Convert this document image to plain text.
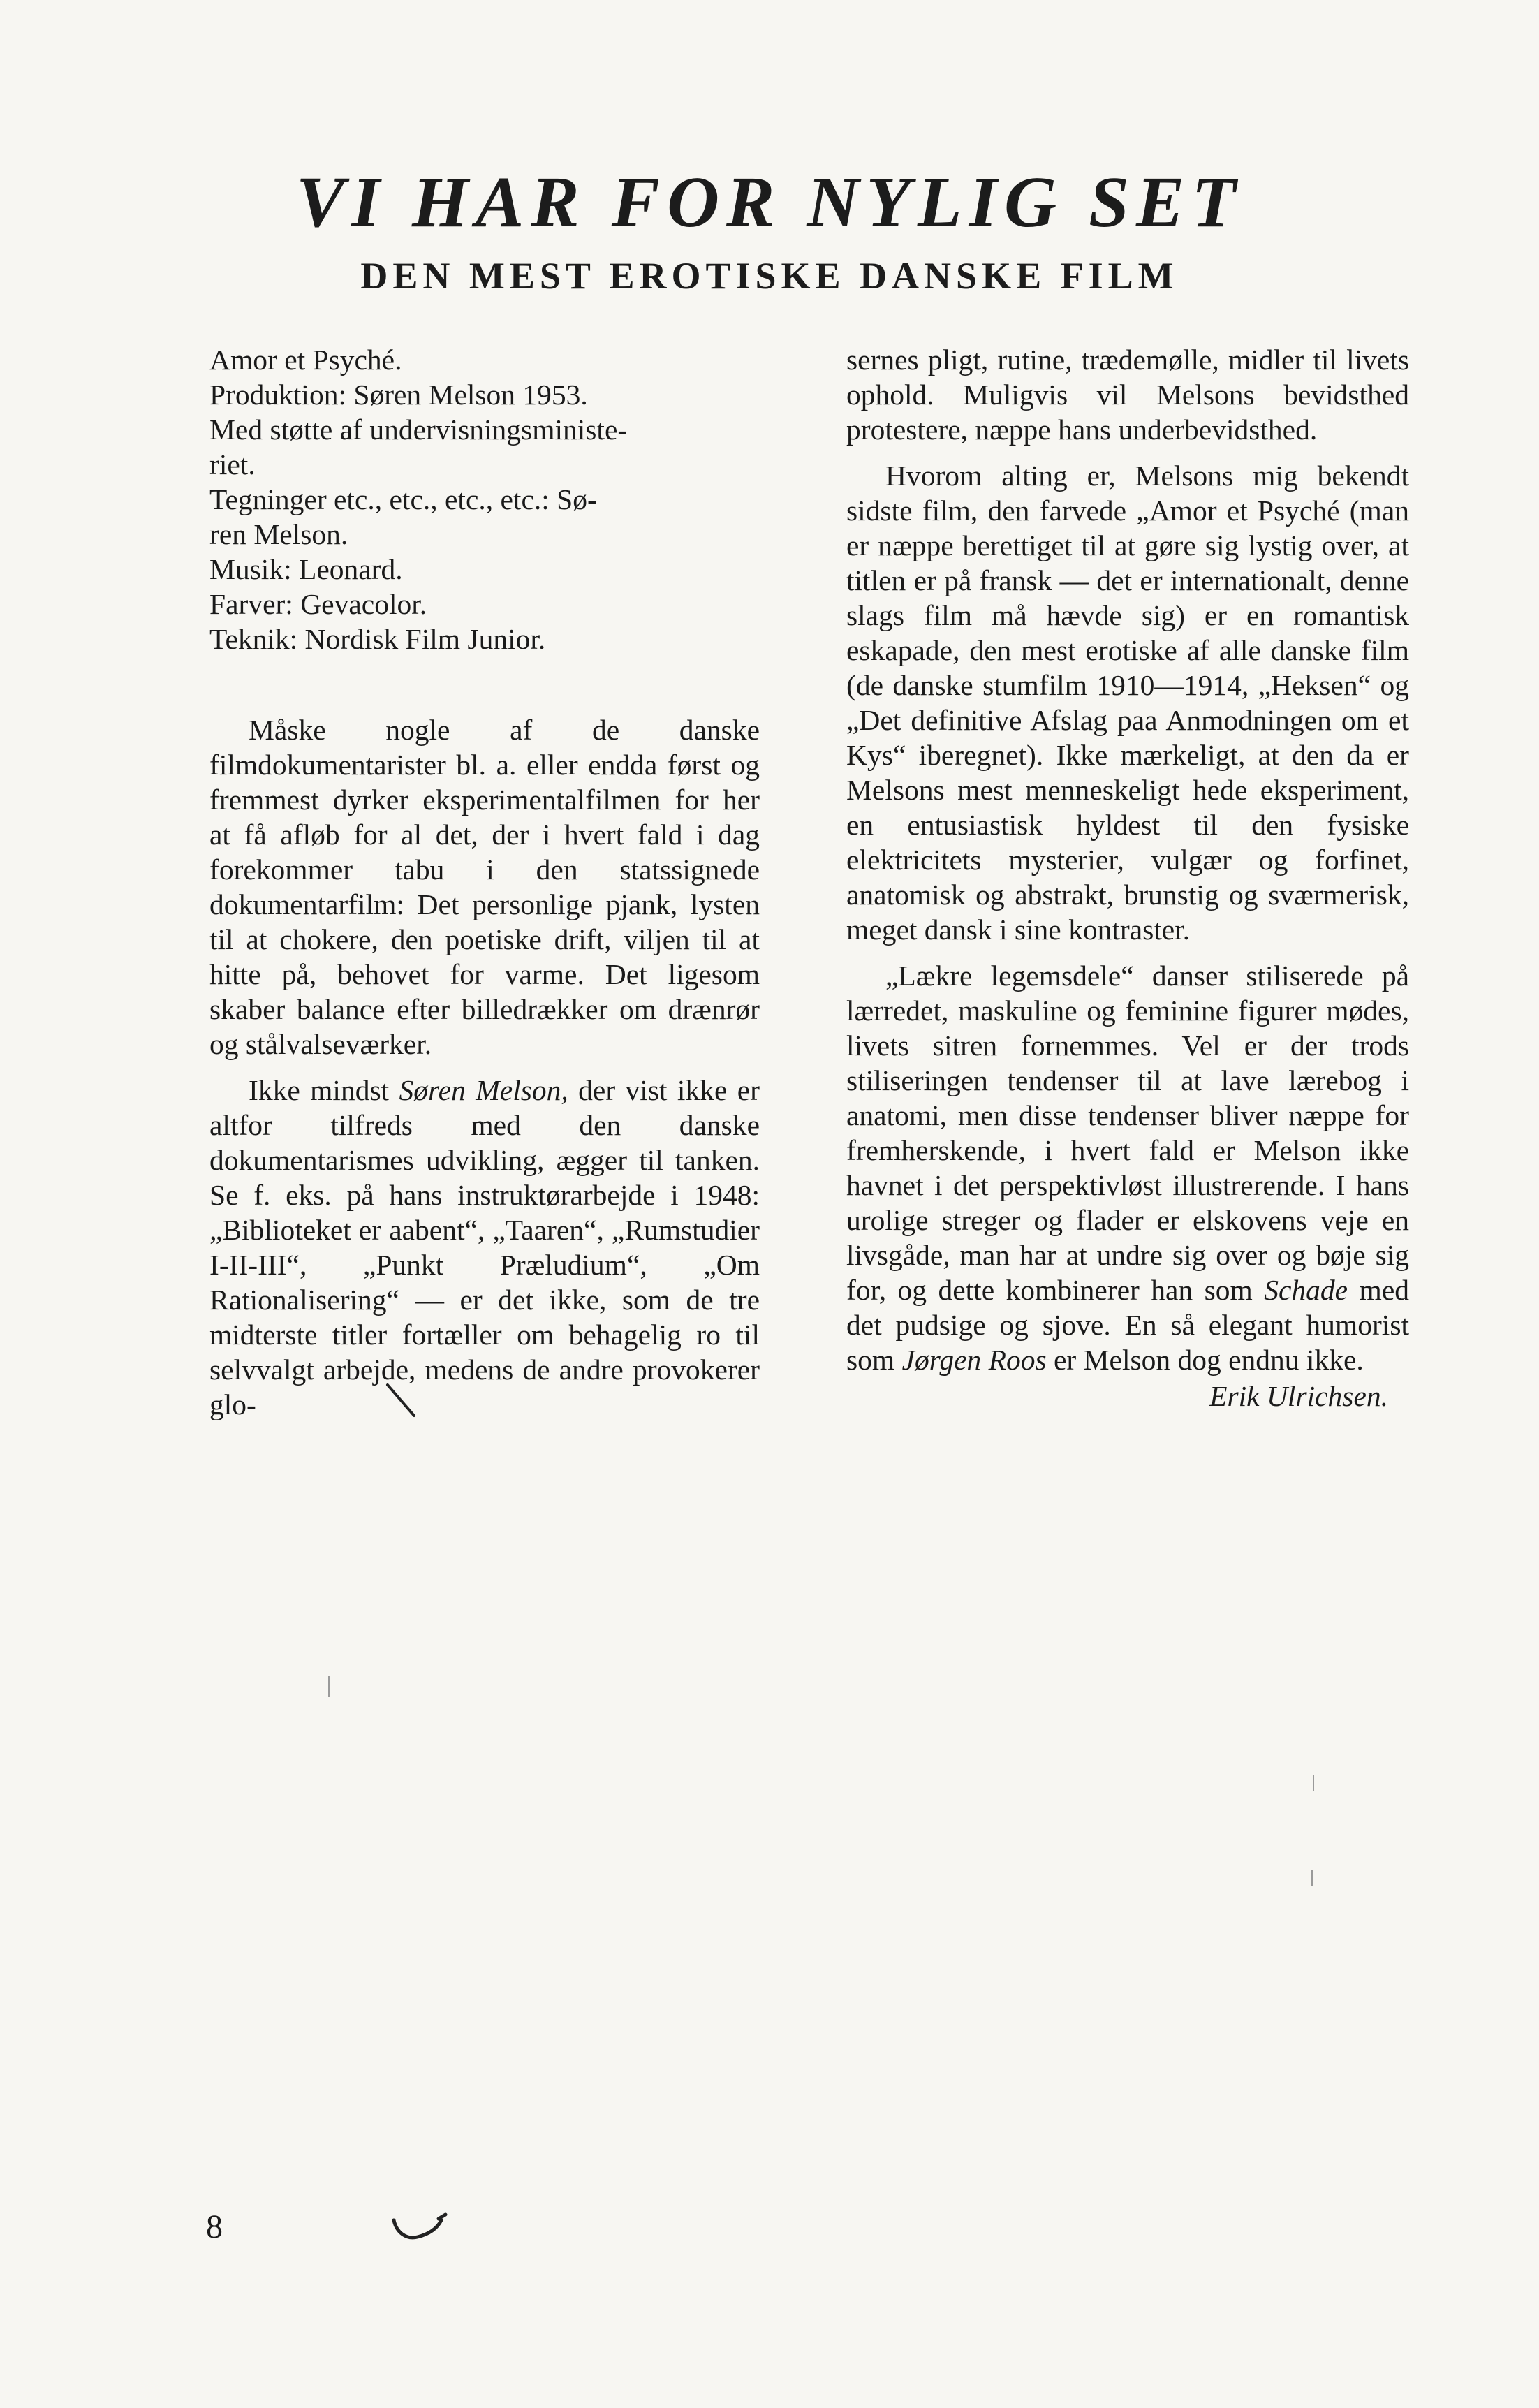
VI HAR FOR NYLIG SET
DEN MEST EROTISKE DANSKE FILM
Amor et Psyché.
Produktion: Søren Melson 1953.
Med støtte af undervisningsministe-
riet.
Tegninger etc., etc., etc., etc.: Sø-
ren Melson.
Musik: Leonard.
Farver: Gevacolor.
Teknik: Nordisk Film Junior.

Måske nogle af de danske filmdokumentarister bl. a. eller endda først og fremmest dyrker eksperimentalfilmen for her at få afløb for al det, der i hvert fald i dag forekommer tabu i den statssignede dokumentarfilm: Det personlige pjank, lysten til at chokere, den poetiske drift, viljen til at hitte på, behovet for varme. Det ligesom skaber balance efter billedrækker om drænrør og stålvalseværker.

Ikke mindst Søren Melson, der vist ikke er altfor tilfreds med den danske dokumentarismes udvikling, ægger til tanken. Se f. eks. på hans instruktørarbejde i 1948: „Biblioteket er aabent“, „Taaren“, „Rumstudier I-II-III“, „Punkt Præludium“, „Om Rationalisering“ — er det ikke, som de tre midterste titler fortæller om behagelig ro til selvvalgt arbejde, medens de andre provokerer glo-

sernes pligt, rutine, trædemølle, midler til livets ophold. Muligvis vil Melsons bevidsthed protestere, næppe hans underbevidsthed.

Hvorom alting er, Melsons mig bekendt sidste film, den farvede „Amor et Psyché (man er næppe berettiget til at gøre sig lystig over, at titlen er på fransk — det er internationalt, denne slags film må hævde sig) er en romantisk eskapade, den mest erotiske af alle danske film (de danske stumfilm 1910—1914, „Heksen“ og „Det definitive Afslag paa Anmodningen om et Kys“ iberegnet). Ikke mærkeligt, at den da er Melsons mest menneskeligt hede eksperiment, en entusiastisk hyldest til den fysiske elektricitets mysterier, vulgær og forfinet, anatomisk og abstrakt, brunstig og sværmerisk, meget dansk i sine kontraster.

„Lækre legemsdele“ danser stiliserede på lærredet, maskuline og feminine figurer mødes, livets sitren fornemmes. Vel er der trods stiliseringen tendenser til at lave lærebog i anatomi, men disse tendenser bliver næppe for fremherskende, i hvert fald er Melson ikke havnet i det perspektivløst illustrerende. I hans urolige streger og flader er elskovens veje en livsgåde, man har at undre sig over og bøje sig for, og dette kombinerer han som Schade med det pudsige og sjove. En så elegant humorist som Jørgen Roos er Melson dog endnu ikke.

Erik Ulrichsen.
8
